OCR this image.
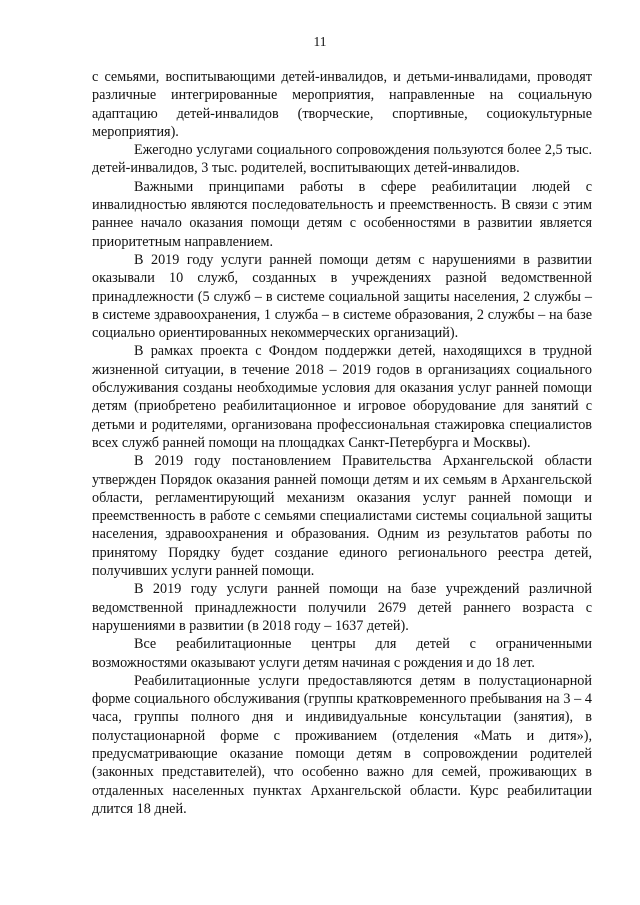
11

с семьями, воспитывающими детей-инвалидов, и детьми-инвалидами, проводят различные интегрированные мероприятия, направленные на социальную адаптацию детей-инвалидов (творческие, спортивные, социокультурные мероприятия).

Ежегодно услугами социального сопровождения пользуются более 2,5 тыс. детей-инвалидов, 3 тыс. родителей, воспитывающих детей-инвалидов.

Важными принципами работы в сфере реабилитации людей с инвалидностью являются последовательность и преемственность. В связи с этим раннее начало оказания помощи детям с особенностями в развитии является приоритетным направлением.

В 2019 году услуги ранней помощи детям с нарушениями в развитии оказывали 10 служб, созданных в учреждениях разной ведомственной принадлежности (5 служб – в системе социальной защиты населения, 2 службы – в системе здравоохранения, 1 служба – в системе образования, 2 службы – на базе социально ориентированных некоммерческих организаций).

В рамках проекта с Фондом поддержки детей, находящихся в трудной жизненной ситуации, в течение 2018 – 2019 годов в организациях социального обслуживания созданы необходимые условия для оказания услуг ранней помощи детям (приобретено реабилитационное и игровое оборудование для занятий с детьми и родителями, организована профессиональная стажировка специалистов всех служб ранней помощи на площадках Санкт-Петербурга и Москвы).

В 2019 году постановлением Правительства Архангельской области утвержден Порядок оказания ранней помощи детям и их семьям в Архангельской области, регламентирующий механизм оказания услуг ранней помощи и преемственность в работе с семьями специалистами системы социальной защиты населения, здравоохранения и образования. Одним из результатов работы по принятому Порядку будет создание единого регионального реестра детей, получивших услуги ранней помощи.

В 2019 году услуги ранней помощи на базе учреждений различной ведомственной принадлежности получили 2679 детей раннего возраста с нарушениями в развитии (в 2018 году – 1637 детей).

Все реабилитационные центры для детей с ограниченными возможностями оказывают услуги детям начиная с рождения и до 18 лет.

Реабилитационные услуги предоставляются детям в полустационарной форме социального обслуживания (группы кратковременного пребывания на 3 – 4 часа, группы полного дня и индивидуальные консультации (занятия), в полустационарной форме с проживанием (отделения «Мать и дитя»), предусматривающие оказание помощи детям в сопровождении родителей (законных представителей), что особенно важно для семей, проживающих в отдаленных населенных пунктах Архангельской области. Курс реабилитации длится 18 дней.
